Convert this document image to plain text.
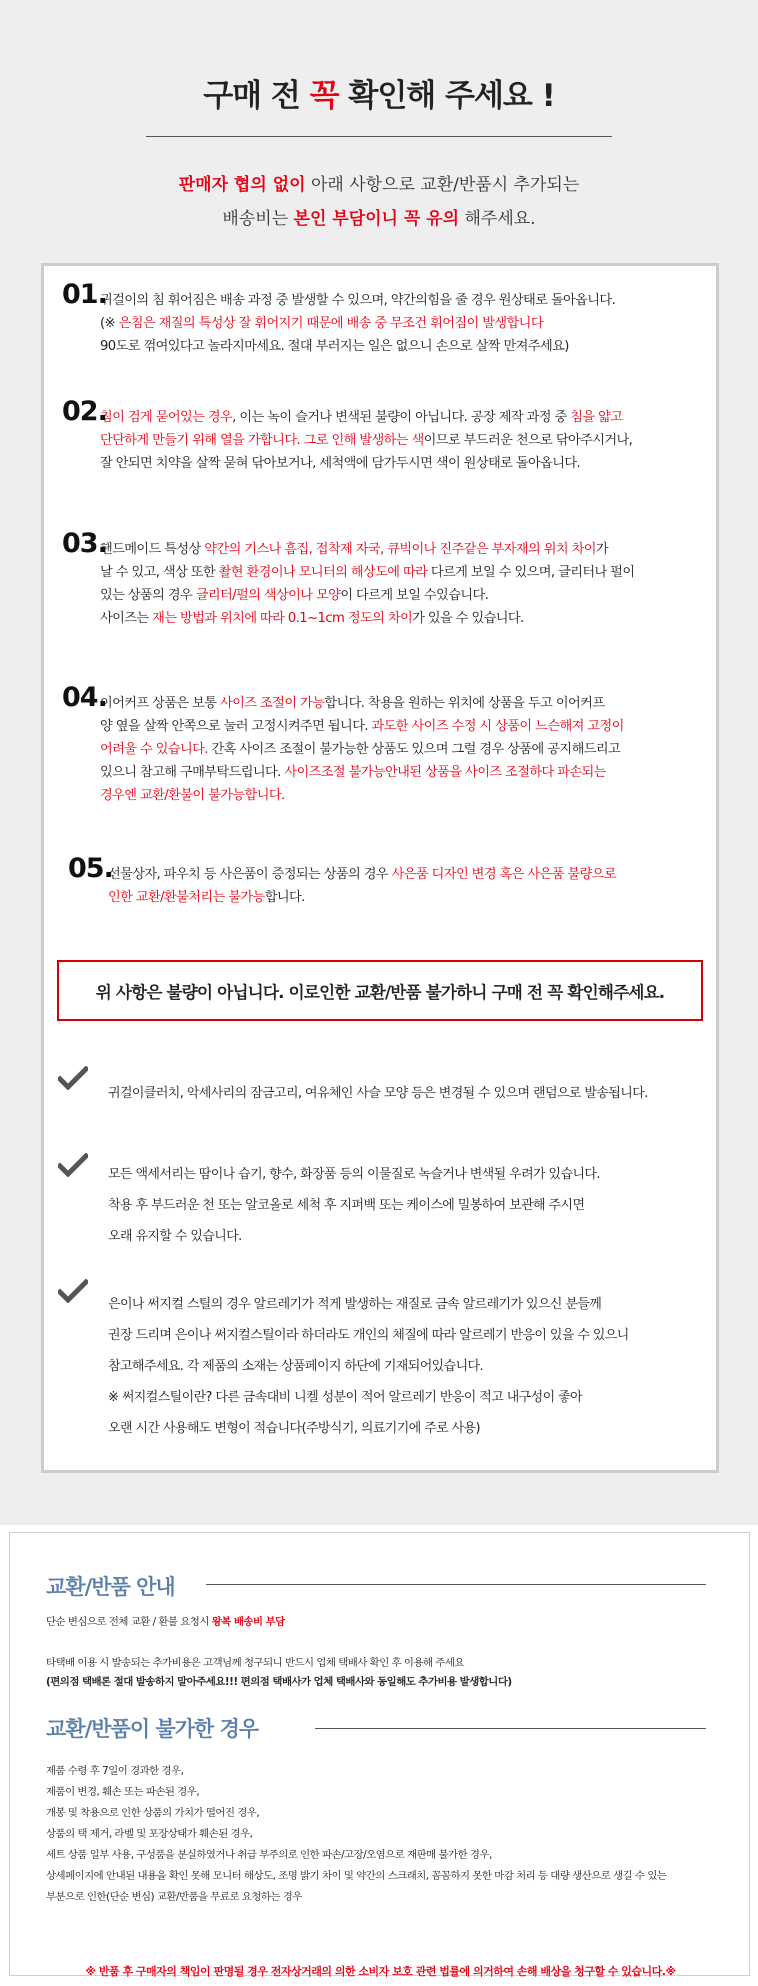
구매 전 꼭 확인해 주세요 !
판매자 협의 없이 아래 사항으로 교환/반품시 추가되는
배송비는 본인 부담이니 꼭 유의 해주세요.
01.
귀걸이의 침 휘어짐은 배송 과정 중 발생할 수 있으며, 약간의힘을 줄 경우 원상태로 돌아옵니다.
(※ 은침은 재질의 특성상 잘 휘어지기 때문에 배송 중 무조건 휘어짐이 발생합니다
90도로 꺾여있다고 놀라지마세요. 절대 부러지는 일은 없으니 손으로 살짝 만져주세요)
02.
침이 검게 묻어있는 경우, 이는 녹이 슬거나 변색된 불량이 아닙니다. 공장 제작 과정 중 침을 얇고
단단하게 만들기 위해 열을 가합니다. 그로 인해 발생하는 색이므로 부드러운 천으로 닦아주시거나,
잘 안되면 치약을 살짝 묻혀 닦아보거나, 세척액에 담가두시면 색이 원상태로 돌아옵니다.
03.
핸드메이드 특성상 약간의 기스나 흠집, 접착제 자국, 큐빅이나 진주같은 부자재의 위치 차이가
날 수 있고, 색상 또한 촬현 환경이나 모니터의 해상도에 따라 다르게 보일 수 있으며, 글리터나 펄이
있는 상품의 경우 글리터/펄의 색상이나 모양이 다르게 보일 수있습니다.
사이즈는 재는 방법과 위치에 따라 0.1~1cm 정도의 차이가 있을 수 있습니다.
04.
이어커프 상품은 보통 사이즈 조절이 가능합니다. 착용을 원하는 위치에 상품을 두고 이어커프
양 옆을 살짝 안쪽으로 눌러 고정시켜주면 됩니다. 과도한 사이즈 수정 시 상품이 느슨해져 고정이
어려울 수 있습니다. 간혹 사이즈 조절이 불가능한 상품도 있으며 그럴 경우 상품에 공지해드리고
있으니 참고해 구매부탁드립니다. 사이즈조절 불가능안내된 상품을 사이즈 조절하다 파손되는
경우엔 교환/환불이 불가능합니다.
05.
선물상자, 파우치 등 사은품이 증정되는 상품의 경우 사은품 디자인 변경 혹은 사은품 불량으로
인한 교환/환불처리는 불가능합니다.
위 사항은 불량이 아닙니다. 이로인한 교환/반품 불가하니 구매 전 꼭 확인해주세요.
귀걸이클러치, 악세사리의 잠금고리, 여유체인 사슬 모양 등은 변경될 수 있으며 랜덤으로 발송됩니다.
모든 액세서리는 땀이나 습기, 향수, 화장품 등의 이물질로 녹슬거나 변색될 우려가 있습니다.
착용 후 부드러운 천 또는 알코올로 세척 후 지퍼백 또는 케이스에 밀봉하여 보관해 주시면
오래 유지할 수 있습니다.
은이나 써지컬 스틸의 경우 알르레기가 적게 발생하는 재질로 금속 알르레기가 있으신 분들께
권장 드리며 은이나 써지컬스틸이라 하더라도 개인의 체질에 따라 알르레기 반응이 있을 수 있으니
참고해주세요. 각 제품의 소재는 상품페이지 하단에 기재되어있습니다.
※ 써지컬스틸이란? 다른 금속대비 니켈 성분이 적어 알르레기 반응이 적고 내구성이 좋아
오랜 시간 사용해도 변형이 적습니다(주방식기, 의료기기에 주로 사용)
교환/반품 안내
단순 변심으로 전체 교환 / 환불 요청시 왕복 배송비 부담
타택배 이용 시 발송되는 추가비용은 고객님께 청구되니 반드시 업체 택배사 확인 후 이용해 주세요
(편의점 택배론 절대 발송하지 말아주세요!!! 편의점 택배사가 업체 택배사와 동일해도 추가비용 발생합니다)
교환/반품이 불가한 경우
제품 수령 후 7일이 경과한 경우,
제품이 변경, 훼손 또는 파손된 경우,
개봉 및 착용으로 인한 상품의 가치가 떨어진 경우,
상품의 택 제거, 라벨 및 포장상태가 훼손된 경우,
세트 상품 일부 사용, 구성품을 분실하였거나 취급 부주의로 인한 파손/고장/오염으로 재판매 불가한 경우,
상세페이지에 안내된 내용을 확인 못해 모니터 해상도, 조명 밝기 차이 및 약간의 스크래치, 꼼꼼하지 못한 마감 처리 등 대량 생산으로 생길 수 있는
부분으로 인한(단순 변심) 교환/반품을 무료로 요청하는 경우
※ 반품 후 구매자의 책임이 판명될 경우 전자상거래의 의한 소비자 보호 관련 법률에 의거하여 손해 배상을 청구할 수 있습니다.※
